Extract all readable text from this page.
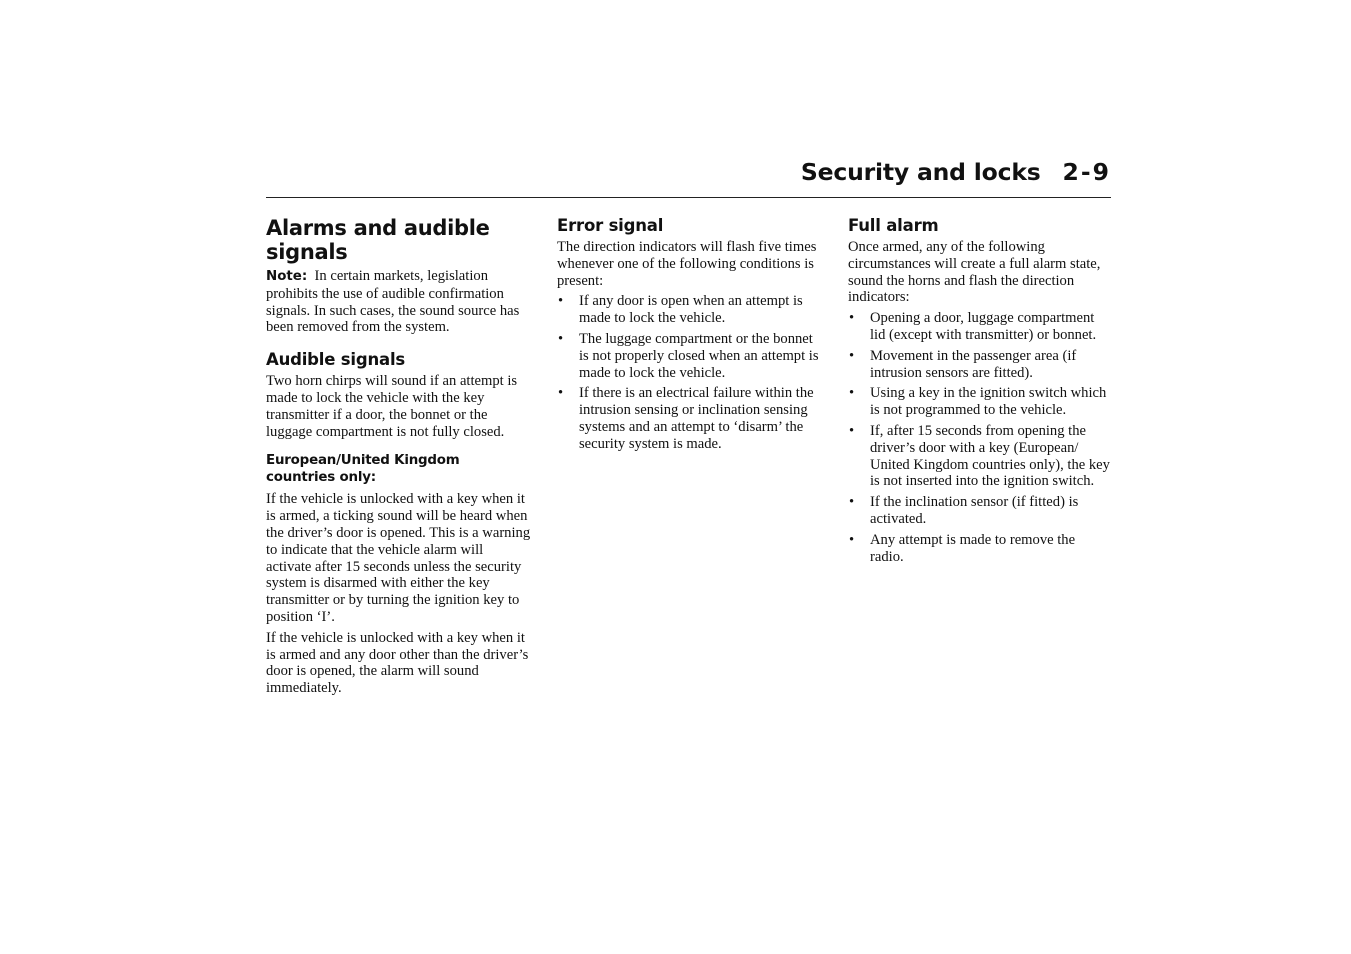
Security and locks 2-9
Alarms and audible signals

Note: In certain markets, legislation prohibits the use of audible confirmation signals. In such cases, the sound source has been removed from the system.

Audible signals

Two horn chirps will sound if an attempt is made to lock the vehicle with the key transmitter if a door, the bonnet or the luggage compartment is not fully closed.

European/United Kingdom countries only:

If the vehicle is unlocked with a key when it is armed, a ticking sound will be heard when the driver’s door is opened. This is a warning to indicate that the vehicle alarm will activate after 15 seconds unless the security system is disarmed with either the key transmitter or by turning the ignition key to position ‘I’.

If the vehicle is unlocked with a key when it is armed and any door other than the driver’s door is opened, the alarm will sound immediately.

Error signal

The direction indicators will flash five times whenever one of the following conditions is present:

• If any door is open when an attempt is made to lock the vehicle.
• The luggage compartment or the bonnet is not properly closed when an attempt is made to lock the vehicle.
• If there is an electrical failure within the intrusion sensing or inclination sensing systems and an attempt to ‘disarm’ the security system is made.
Full alarm

Once armed, any of the following circumstances will create a full alarm state, sound the horns and flash the direction indicators:

• Opening a door, luggage compartment lid (except with transmitter) or bonnet.
• Movement in the passenger area (if intrusion sensors are fitted).
• Using a key in the ignition switch which is not programmed to the vehicle.
• If, after 15 seconds from opening the driver’s door with a key (European/ United Kingdom countries only), the key is not inserted into the ignition switch.
• If the inclination sensor (if fitted) is activated.
• Any attempt is made to remove the radio.
